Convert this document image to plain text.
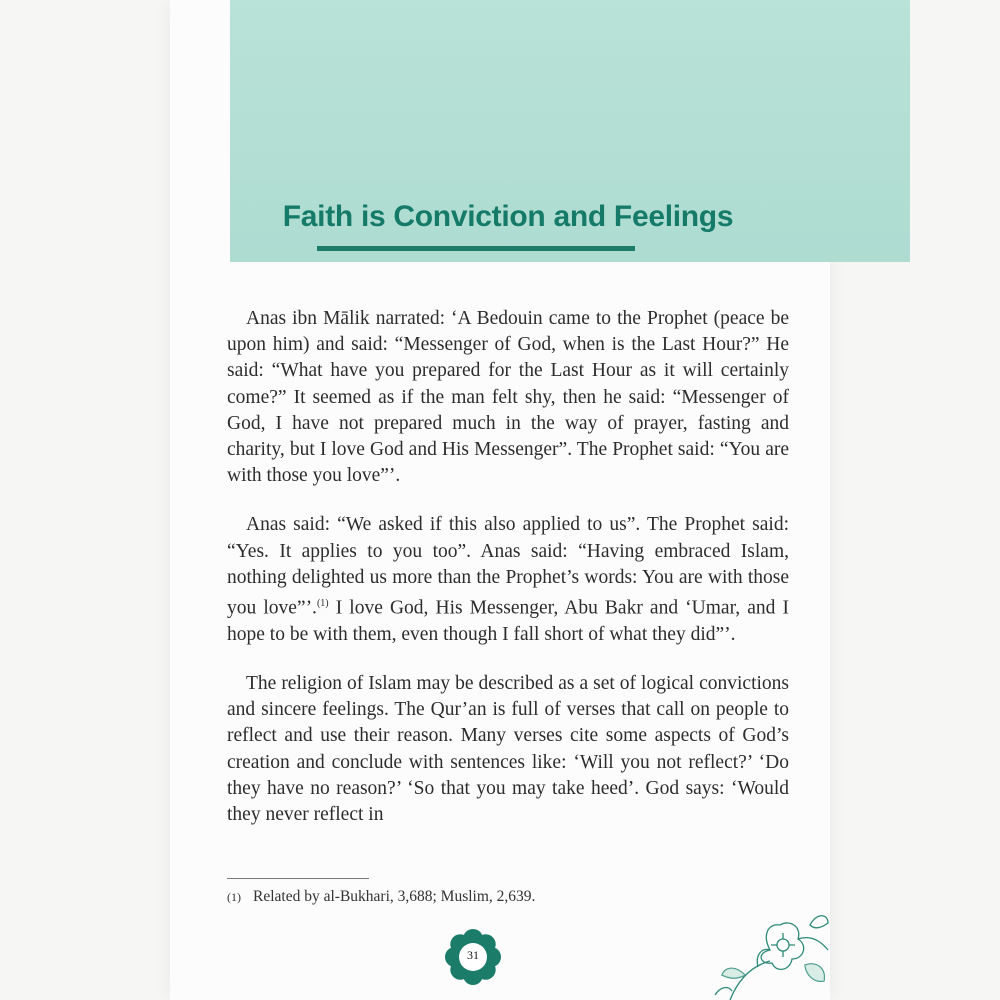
Faith is Conviction and Feelings

Anas ibn Mālik narrated: ‘A Bedouin came to the Prophet (peace be upon him) and said: “Messenger of God, when is the Last Hour?” He said: “What have you prepared for the Last Hour as it will certainly come?” It seemed as if the man felt shy, then he said: “Messenger of God, I have not prepared much in the way of prayer, fasting and charity, but I love God and His Messenger”. The Prophet said: “You are with those you love”’.

Anas said: “We asked if this also applied to us”. The Prophet said: “Yes. It applies to you too”. Anas said: “Having embraced Islam, nothing delighted us more than the Prophet’s words: You are with those you love”’.$^{(1)}$ I love God, His Messenger, Abu Bakr and ‘Umar, and I hope to be with them, even though I fall short of what they did”’.

The religion of Islam may be described as a set of logical convictions and sincere feelings. The Qur’an is full of verses that call on people to reflect and use their reason. Many verses cite some aspects of God’s creation and conclude with sentences like: ‘Will you not reflect?’ ‘Do they have no reason?’ ‘So that you may take heed’. God says: ‘Would they never reflect in

(1) Related by al-Bukhari, 3,688; Muslim, 2,639.
31
